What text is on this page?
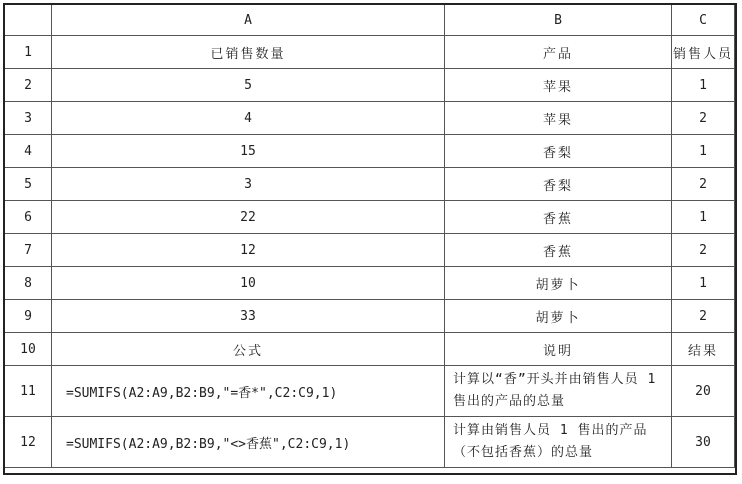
	A	B	C
1	已销售数量	产品	销售人员
2	5	苹果	1
3	4	苹果	2
4	15	香梨	1
5	3	香梨	2
6	22	香蕉	1
7	12	香蕉	2
8	10	胡萝卜	1
9	33	胡萝卜	2
10	公式	说明	结果
11	=SUMIFS(A2:A9,B2:B9,"=香*",C2:C9,1)	计算以“香”开头并由销售人员 1 售出的产品的总量	20
12	=SUMIFS(A2:A9,B2:B9,"<>香蕉",C2:C9,1)	计算由销售人员 1 售出的产品（不包括香蕉）的总量	30
